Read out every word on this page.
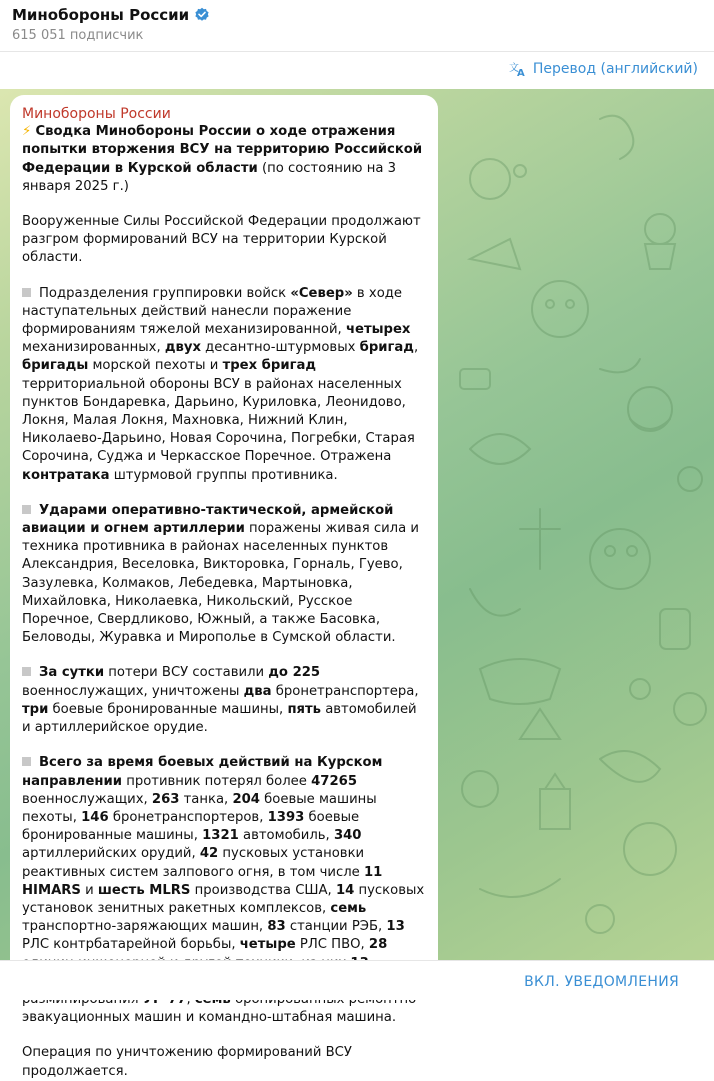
Минобороны России
615 051 подписчик
文
A Перевод (английский)

Минобороны России

⚡ Сводка Минобороны России о ходе отражения попытки вторжения ВСУ на территорию Российской Федерации в Курской области (по состоянию на 3 января 2025 г.)

Вооруженные Силы Российской Федерации продолжают разгром формирований ВСУ на территории Курской области.

Подразделения группировки войск «Север» в ходе наступательных действий нанесли поражение формированиям тяжелой механизированной, четырех механизированных, двух десантно-штурмовых бригад, бригады морской пехоты и трех бригад территориальной обороны ВСУ в районах населенных пунктов Бондаревка, Дарьино, Куриловка, Леонидово, Локня, Малая Локня, Махновка, Нижний Клин, Николаево-Дарьино, Новая Сорочина, Погребки, Старая Сорочина, Суджа и Черкасское Поречное. Отражена контратака штурмовой группы противника.

Ударами оперативно-тактической, армейской авиации и огнем артиллерии поражены живая сила и техника противника в районах населенных пунктов Александрия, Веселовка, Викторовка, Горналь, Гуево, Зазулевка, Колмаков, Лебедевка, Мартыновка, Михайловка, Николаевка, Никольский, Русское Поречное, Свердликово, Южный, а также Басовка, Беловоды, Журавка и Мирополье в Сумской области.

За сутки потери ВСУ составили до 225 военнослужащих, уничтожены два бронетранспортера, три боевые бронированные машины, пять автомобилей и артиллерийское орудие.

Всего за время боевых действий на Курском направлении противник потерял более 47265 военнослужащих, 263 танка, 204 боевые машины пехоты, 146 бронетранспортеров, 1393 боевые бронированные машины, 1321 автомобиль, 340 артиллерийских орудий, 42 пусковых установки реактивных систем залпового огня, в том числе 11 HIMARS и шесть MLRS производства США, 14 пусковых установок зенитных ракетных комплексов, семь транспортно-заряжающих машин, 83 станции РЭБ, 13 РЛС контрбатарейной борьбы, четыре РЛС ПВО, 28 эвакуационных машин и командно-штабная машина.

Операция по уничтожению формирований ВСУ продолжается.

ВКЛ. УВЕДОМЛЕНИЯ
